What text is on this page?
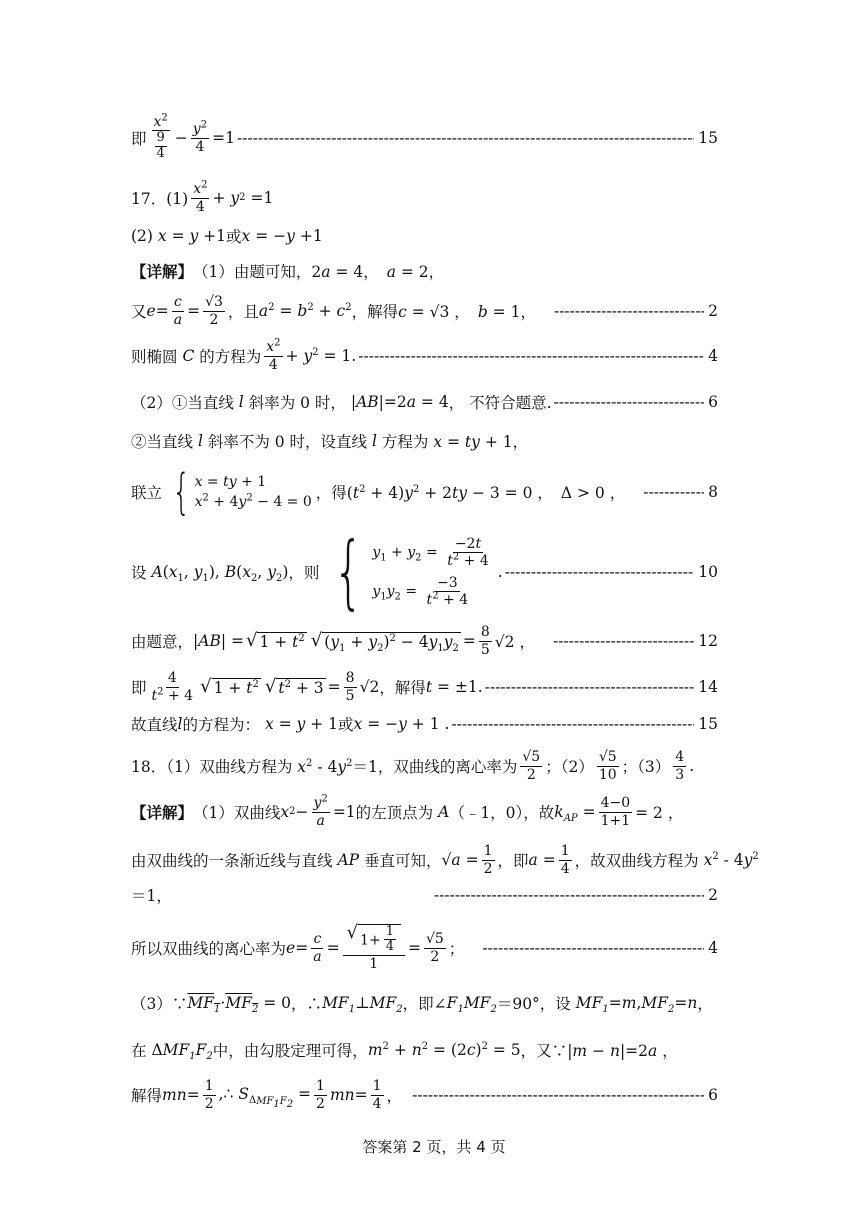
即 $\frac{x^2}{\frac{9}{4}} - \frac{y^2}{4} =1$ -----	15
17．$(1) \frac{x^2}{4} + y$ 2 =1
(2) x = y +1 或 x = − y +1
【详解】 （1）由题可知， 2a = 4， a = 2，
又 $e = \frac{c}{a} = \frac{√3}{2}$ ，且 $a^2 = b^2 + c^2$ ，解得 c = √3 ， b = 1， -----	2
则椭圆 C 的方程为 $\frac{x^2}{4} + y^2 = 1$. -----	4
（2）①当直线 l 斜率为 0 时， |AB|=2a = 4 ， 不符合题意. -----	6
②当直线 l 斜率不为 0 时，设直线 l 方程为 x = ty + 1，
联立 { x = ty + 1
$x^2 + 4y^2 - 4 = 0$ ，得 $(t^2 + 4)y^2 + 2ty - 3 = 0$ ， Δ > 0 ， -----	8
设 $A(x_1$, $y_1$), $B(x_2$, $y_2$) ，则 { $y_1 + y_2 = \frac{-2t}{t^2 + 4}$
$y_1y_2 = \frac{-3}{t^2 + 4}$
. -----	10
由题意， |AB| = √ $1 + t^2$ √ $(y_1 + y_2)^2 - 4y_1y_2 = \frac{8}{5} √2$ ， -----	12
即 $\frac{4}{t^2 + 4}$ √ $1 + t^2$ √ $t^2 + 3 = \frac{8}{5} √2$ ，解得 t = ±1. -----	14
故直线 l 的方程为： x = y + 1 或 x = −y + 1 . -----	15
18．（1）双曲线方程为 $x^2 - 4y^2=1$ ，双曲线的离心率为 $\frac{√5}{2}$ ；$(2) \frac{√5}{10}$ ；$(3) \frac{4}{3}$ .
【详解】 （1）双曲线 x $2 - \frac{y^2}{a} =1$ 的左顶点为 A （﹣1，0），故 $k_{AP} = \frac{4-0}{1+1} = 2$ ，
由双曲线的一条渐近线与直线 AP 垂直可知， $√a = \frac{1}{2}$ ，即 $a = \frac{1}{4}$ ，故双曲线方程为 $x^2 - 4y^2$
＝1， -----	2
所以双曲线的离心率为 $e = \frac{c}{a} = \frac{√ 1+ \frac{1}{4}}{1} = \frac{√5}{2}$ ； -----	4
（3）∵ $MF_1 \cdot MF_2 = 0$ ，∴ $MF_1$ ⊥ $MF_2$ ，即∠ $F_1MF_2 =90^\circ$，设 $MF_1 = m$ , $MF_2 = n$ ，
在 $\Delta MF_1F_2$ 中，由勾股定理可得， $m^2 + n^2 = (2c)^2 = 5$ ，又∵ |m − n|=2a ，
解得 mn = $\frac{1}{2}$ ,∴ $S_{\Delta MF_1F_2} = \frac{1}{2}$ mn = $\frac{1}{4}$ ， -----	6
答案第 2 页，共 4 页
